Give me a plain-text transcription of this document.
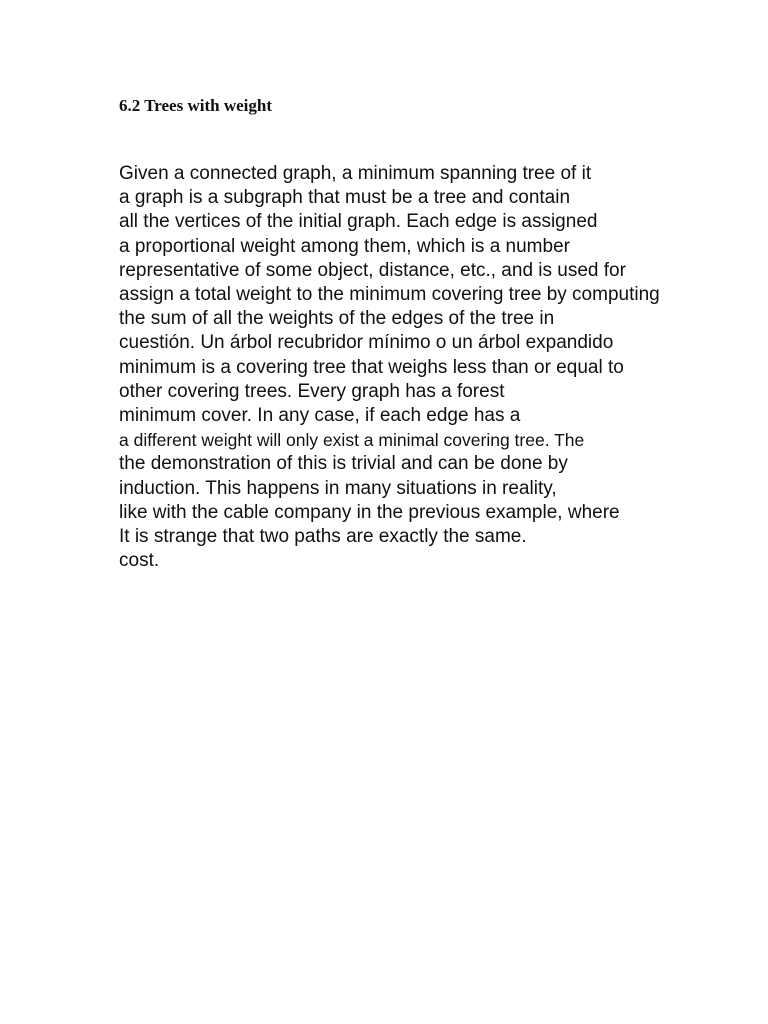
6.2 Trees with weight
Given a connected graph, a minimum spanning tree of it
a graph is a subgraph that must be a tree and contain
all the vertices of the initial graph. Each edge is assigned
a proportional weight among them, which is a number
representative of some object, distance, etc., and is used for
assign a total weight to the minimum covering tree by computing
the sum of all the weights of the edges of the tree in
cuestión. Un árbol recubridor mínimo o un árbol expandido
minimum is a covering tree that weighs less than or equal to
other covering trees. Every graph has a forest
minimum cover. In any case, if each edge has a
a different weight will only exist a minimal covering tree. The
the demonstration of this is trivial and can be done by
induction. This happens in many situations in reality,
like with the cable company in the previous example, where
It is strange that two paths are exactly the same.
cost.
